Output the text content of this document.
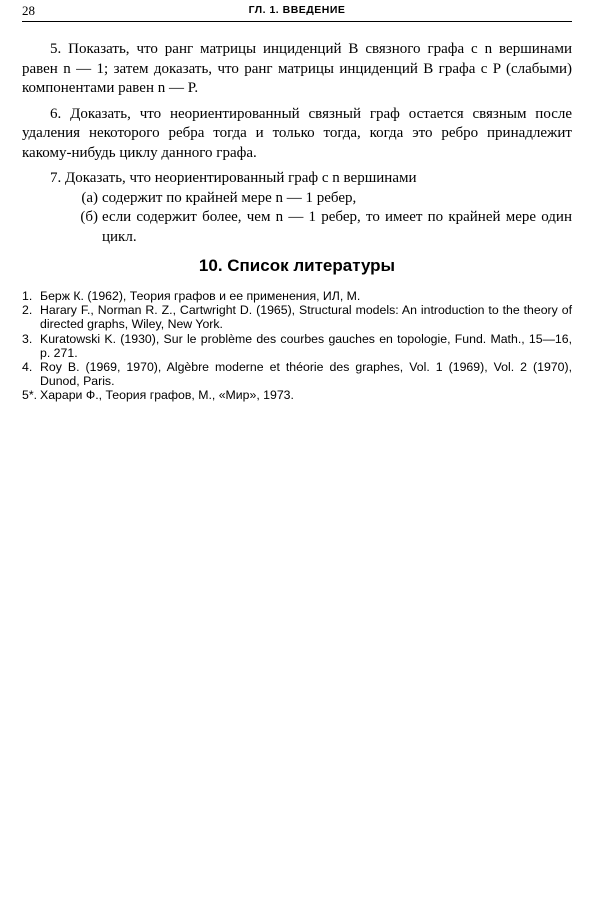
28	ГЛ. 1. ВВЕДЕНИЕ

5. Показать, что ранг матрицы инциденций B связного графа с n вершинами равен n — 1; затем доказать, что ранг матрицы инциденций B графа с P (слабыми) компонентами равен n — P.

6. Доказать, что неориентированный связный граф остается связным после удаления некоторого ребра тогда и только тогда, когда это ребро принадлежит какому-нибудь циклу данного графа.

7. Доказать, что неориентированный граф с n вершинами
(а) содержит по крайней мере n — 1 ребер,
(б) если содержит более, чем n — 1 ребер, то имеет по крайней мере один цикл.
10. Список литературы
1. Берж К. (1962), Теория графов и ее применения, ИЛ, М.
2. Harary F., Norman R. Z., Cartwright D. (1965), Structural models: An introduction to the theory of directed graphs, Wiley, New York.
3. Kuratowski K. (1930), Sur le problème des courbes gauches en topologie, Fund. Math., 15—16, p. 271.
4. Roy B. (1969, 1970), Algèbre moderne et théorie des graphes, Vol. 1 (1969), Vol. 2 (1970), Dunod, Paris.
5*. Харари Ф., Теория графов, М., «Мир», 1973.
